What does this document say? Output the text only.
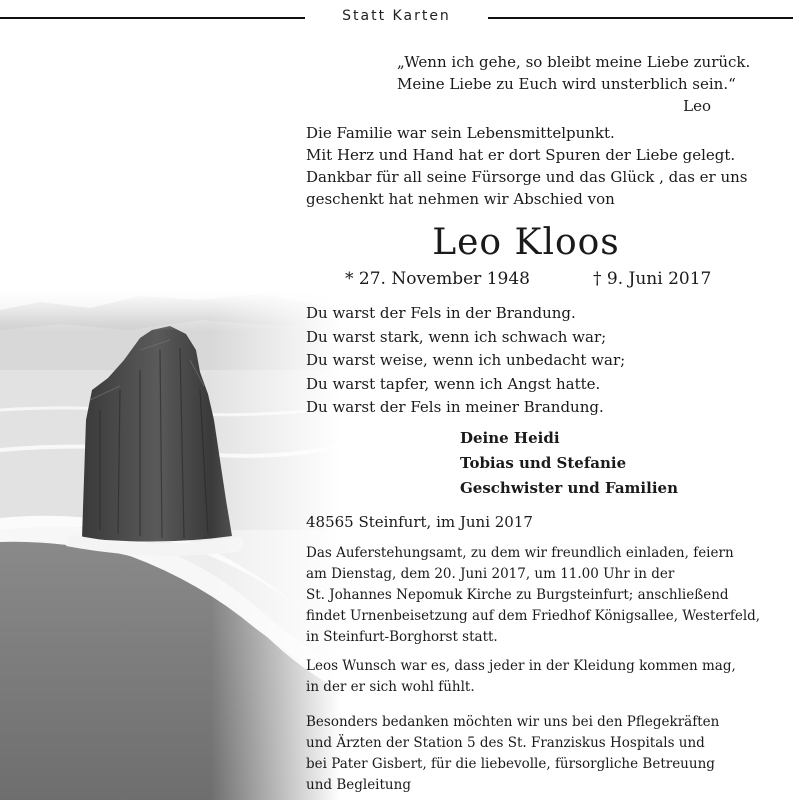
Statt Karten
„Wenn ich gehe, so bleibt meine Liebe zurück.
Meine Liebe zu Euch wird unsterblich sein.“
Leo
Die Familie war sein Lebensmittelpunkt.
Mit Herz und Hand hat er dort Spuren der Liebe gelegt.
Dankbar für all seine Fürsorge und das Glück , das er uns
geschenkt hat nehmen wir Abschied von
Leo Kloos
* 27. November 1948	† 9. Juni 2017
Du warst der Fels in der Brandung.
Du warst stark, wenn ich schwach war;
Du warst weise, wenn ich unbedacht war;
Du warst tapfer, wenn ich Angst hatte.
Du warst der Fels in meiner Brandung.
Deine Heidi
Tobias und Stefanie
Geschwister und Familien
48565 Steinfurt, im Juni 2017
Das Auferstehungsamt, zu dem wir freundlich einladen, feiern
am Dienstag, dem 20. Juni 2017, um 11.00 Uhr in der
St. Johannes Nepomuk Kirche zu Burgsteinfurt; anschließend
findet Urnenbeisetzung auf dem Friedhof Königsallee, Westerfeld,
in Steinfurt-Borghorst statt.
Leos Wunsch war es, dass jeder in der Kleidung kommen mag,
in der er sich wohl fühlt.
Besonders bedanken möchten wir uns bei den Pflegekräften
und Ärzten der Station 5 des St. Franziskus Hospitals und
bei Pater Gisbert, für die liebevolle, fürsorgliche Betreuung
und Begleitung
